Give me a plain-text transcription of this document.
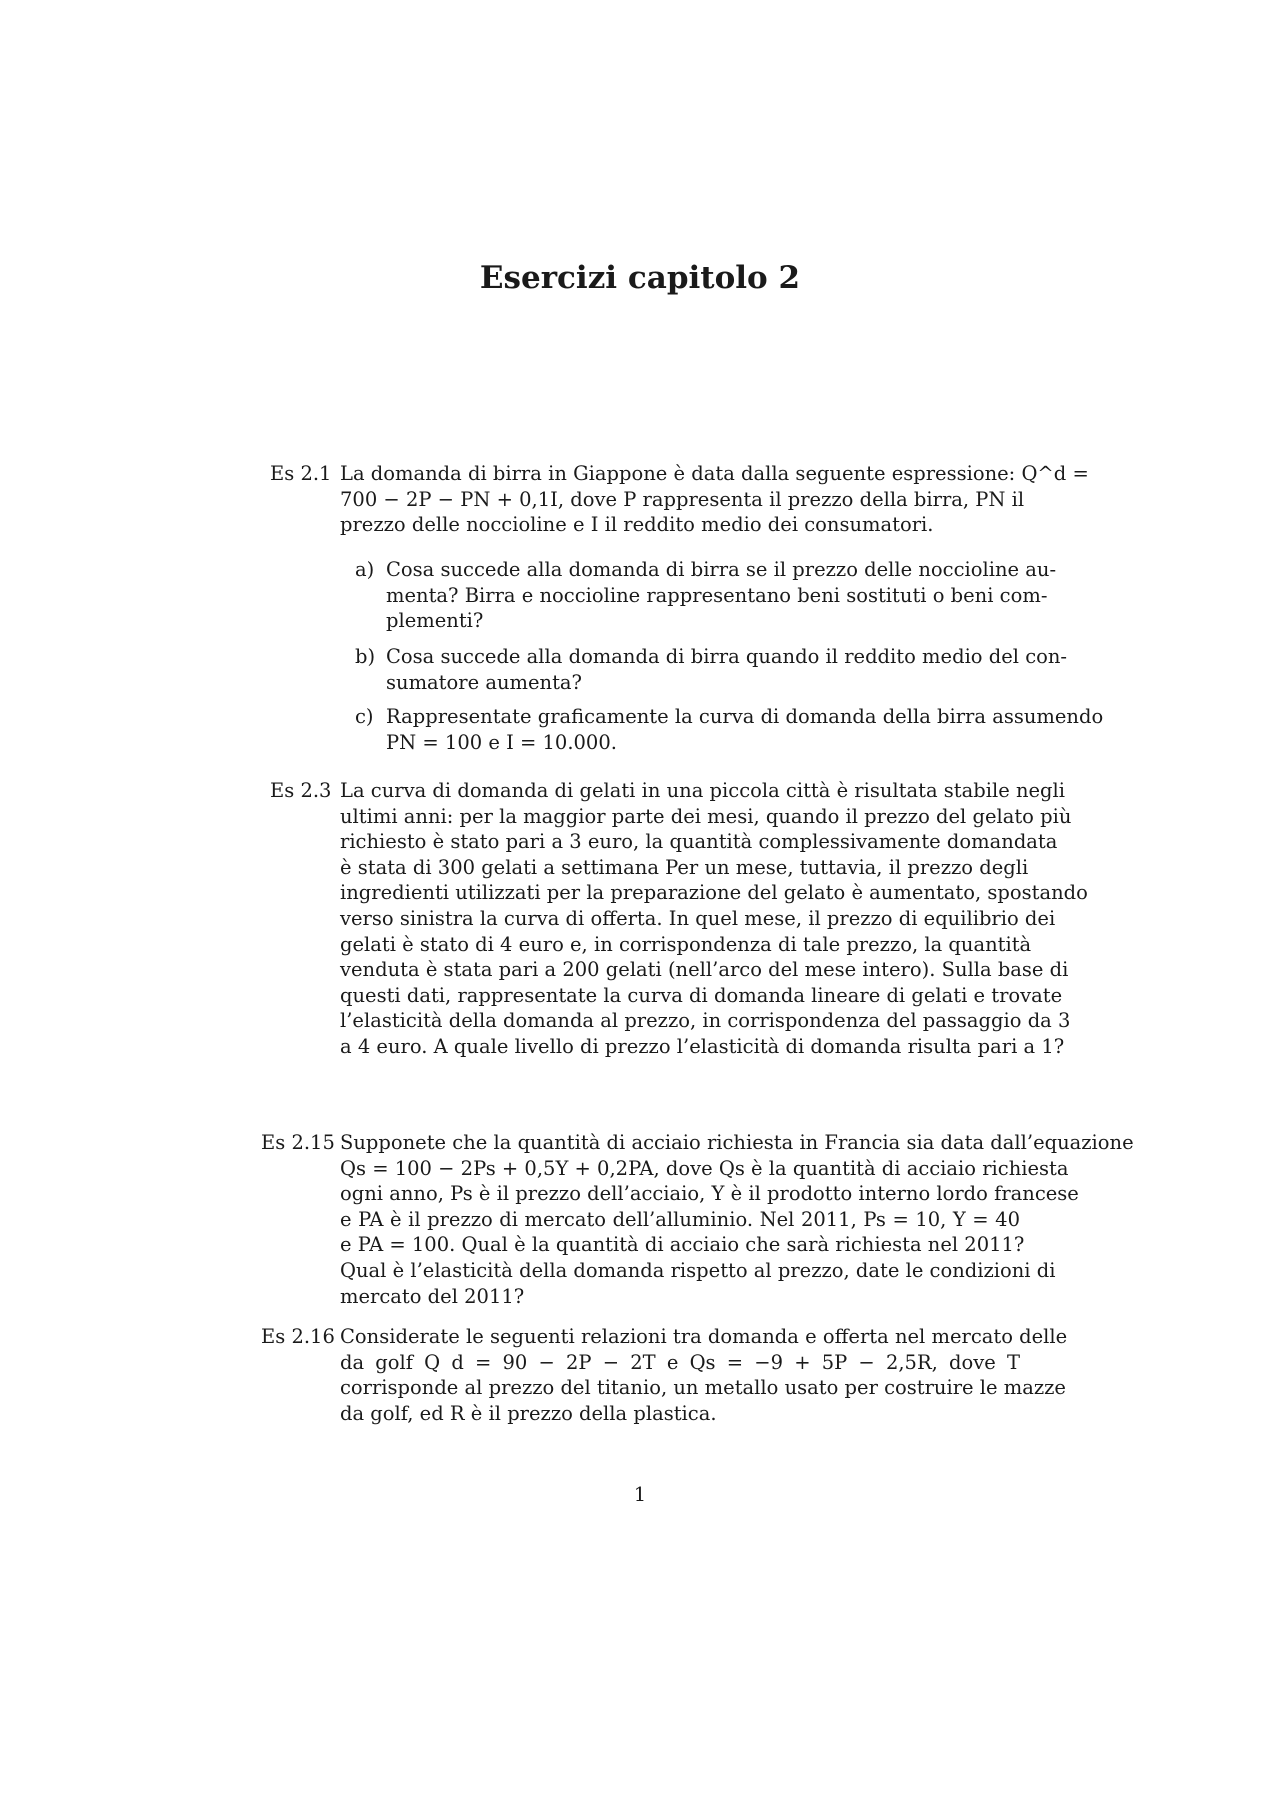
Esercizi capitolo 2
Es 2.1 La domanda di birra in Giappone è data dalla seguente espressione: Q^d =
700 − 2P − PN + 0,1I, dove P rappresenta il prezzo della birra, PN il
prezzo delle noccioline e I il reddito medio dei consumatori.
a) Cosa succede alla domanda di birra se il prezzo delle noccioline au-
menta? Birra e noccioline rappresentano beni sostituti o beni com-
plementi?
b) Cosa succede alla domanda di birra quando il reddito medio del con-
sumatore aumenta?
c) Rappresentate graficamente la curva di domanda della birra assumendo
PN = 100 e I = 10.000.
Es 2.3 La curva di domanda di gelati in una piccola città è risultata stabile negli
ultimi anni: per la maggior parte dei mesi, quando il prezzo del gelato più
richiesto è stato pari a 3 euro, la quantità complessivamente domandata
è stata di 300 gelati a settimana Per un mese, tuttavia, il prezzo degli
ingredienti utilizzati per la preparazione del gelato è aumentato, spostando
verso sinistra la curva di offerta. In quel mese, il prezzo di equilibrio dei
gelati è stato di 4 euro e, in corrispondenza di tale prezzo, la quantità
venduta è stata pari a 200 gelati (nell’arco del mese intero). Sulla base di
questi dati, rappresentate la curva di domanda lineare di gelati e trovate
l’elasticità della domanda al prezzo, in corrispondenza del passaggio da 3
a 4 euro. A quale livello di prezzo l’elasticità di domanda risulta pari a 1?
Es 2.15 Supponete che la quantità di acciaio richiesta in Francia sia data dall’equazione
Qs = 100 − 2Ps + 0,5Y + 0,2PA, dove Qs è la quantità di acciaio richiesta
ogni anno, Ps è il prezzo dell’acciaio, Y è il prodotto interno lordo francese
e PA è il prezzo di mercato dell’alluminio. Nel 2011, Ps = 10, Y = 40
e PA = 100. Qual è la quantità di acciaio che sarà richiesta nel 2011?
Qual è l’elasticità della domanda rispetto al prezzo, date le condizioni di
mercato del 2011?
Es 2.16 Considerate le seguenti relazioni tra domanda e offerta nel mercato delle
da golf Q d = 90 − 2P − 2T e Qs = −9 + 5P − 2,5R, dove T
corrisponde al prezzo del titanio, un metallo usato per costruire le mazze
da golf, ed R è il prezzo della plastica.
1
